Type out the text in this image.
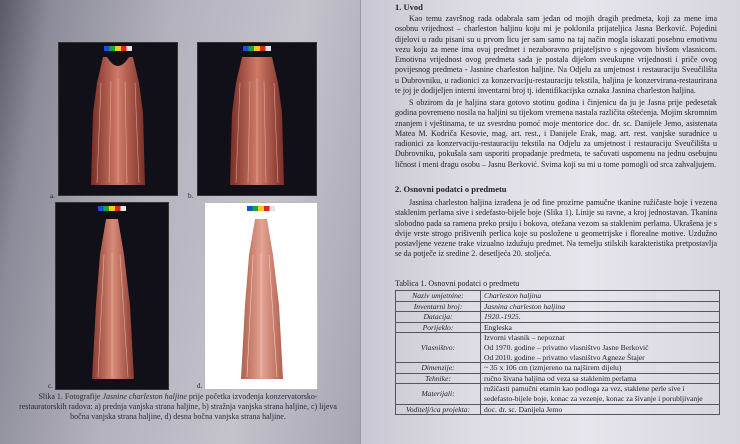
a.	b.
c.	d.
Slika 1. Fotografije Jasnine charleston haljine prije početka izvođenja konzervatorsko-restauratorskih radova: a) prednja vanjska strana haljine, b) stražnja vanjska strana haljine, c) lijeva bočna vanjska strana haljine, d) desna bočna vanjska strana haljine.
1. Uvod
Kao temu završnog rada odabrala sam jedan od mojih dragih predmeta, koji za mene ima osobnu vrijednost – charleston haljinu koju mi je poklonila prijateljica Jasna Berković. Pojedini dijelovi u radu pisani su u prvom licu jer sam samo na taj način mogla iskazati posebnu emotivnu vezu koju za mene ima ovaj predmet i nezaboravno prijateljstvo s njegovom bivšom vlasnicom. Emotivna vrijednost ovog predmeta sada je postala dijelom sveukupne vrijednosti i priče ovog povijesnog predmeta - Jasnine charleston haljine. Na Odjelu za umjetnost i restauraciju Sveučilišta u Dubrovniku, u radionici za konzervaciju-restauraciju tekstila, haljina je konzervirana-restaurirana te joj je dodijeljen interni inventarni broj tj. identifikacijska oznaka Jasnina charleston haljina.
S obzirom da je haljina stara gotovo stotinu godina i činjenicu da ju je Jasna prije pedesetak godina povremeno nosila na haljini su tijekom vremena nastala različita oštećenja. Mojim skromnim znanjem i vještinama, te uz svesrdnu pomoć moje mentorice doc. dr. sc. Danijele Jemo, asistenata Matea M. Kodriča Kesovie, mag. art. rest., i Danijele Erak, mag. art. rest. vanjske suradnice u radionici za konzervaciju-restauraciju tekstila na Odjelu za umjetnost i restauraciju Sveučilišta u Dubrovniku, pokušala sam usporiti propadanje predmeta, te sačuvati uspomenu na jednu osebujnu ličnost i meni dragu osobu – Jasnu Berković. Svima koji su mi u tome pomogli od srca zahvaljujem.
2. Osnovni podatci o predmetu
Jasnina charleston haljina izrađena je od fine prozirne pamučne tkanine ružičaste boje i vezena staklenim perlama sive i sedefasto-bijele boje (Slika 1). Linije su ravne, a kroj jednostavan. Tkanina slobodno pada sa ramena preko prsiju i bokova, otežana vezom sa staklenim perlama. Ukrašena je s dvije vrste strogo prišivenih perlica koje su posložene u geometrijske i florealne motive. Uzdužno postavljene vezene trake vizualno izdužuju predmet. Na temelju stilskih karakteristika pretpostavlja se da potječe iz sredine 2. desetljeća 20. stoljeća.
Tablica 1. Osnovni podatci o predmetu
Naziv umjetnine:	Charleston haljina
Inventarni broj:	Jasnina charleston haljina
Datacija:	1920.-1925.
Porijeklo:	Engleska
Vlasništvo:	Izvorni vlasnik – nepoznat
Od 1970. godine – privatno vlasništvo Jasne Berković
Od 2010. godine – privatno vlasništvo Agneze Štajer

Dimenzije:	~ 35 x 106 cm (izmjereno na najširem dijelu)
Tehnike:	ručno šivana haljina od veza sa staklenim perlama
Materijali:	ružičasti pamučni etamin kao podloga za vez, staklene perle sive i sedefasto-bijele boje, konac za vezenje, konac za šivanje i porubljivanje
Voditelj/ica projekta:	doc. dr. sc. Danijela Jemo
